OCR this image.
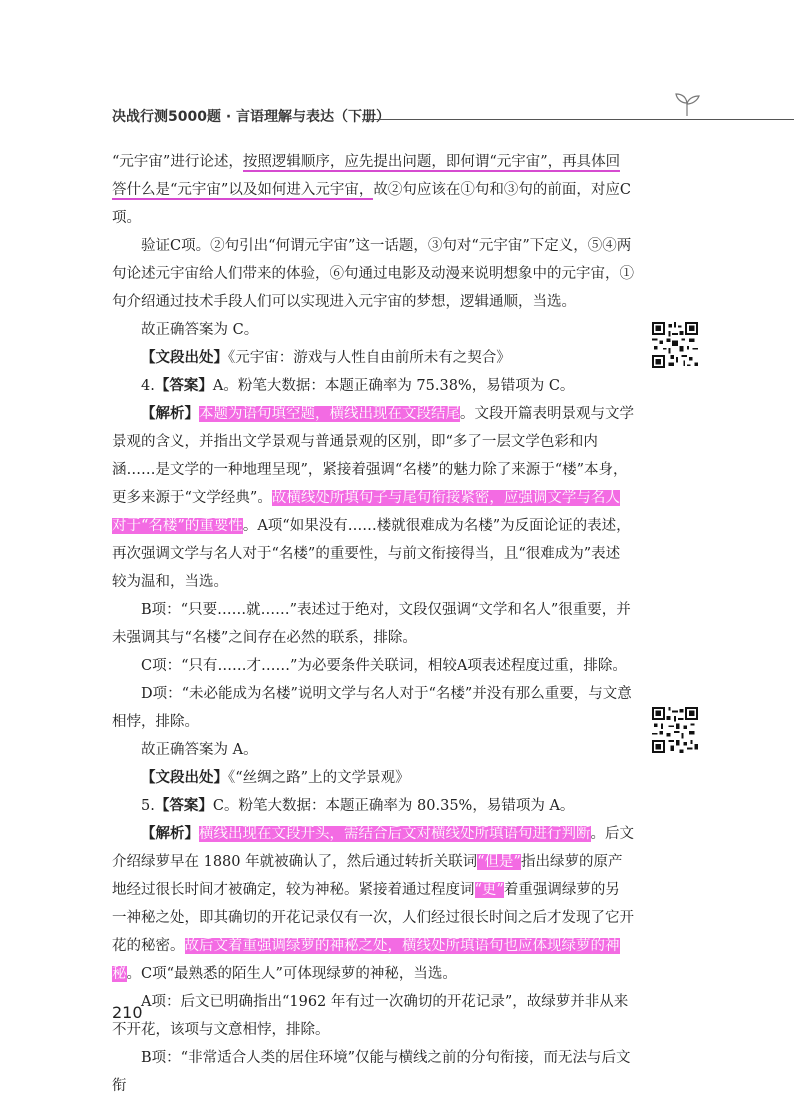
决战行测5000题 · 言语理解与表达（下册）

“元宇宙”进行论述，按照逻辑顺序，应先提出问题，即何谓“元宇宙”，再具体回答什么是“元宇宙”以及如何进入元宇宙，故②句应该在①句和③句的前面，对应C项。

验证C项。②句引出“何谓元宇宙”这一话题，③句对“元宇宙”下定义，⑤④两句论述元宇宙给人们带来的体验，⑥句通过电影及动漫来说明想象中的元宇宙，①句介绍通过技术手段人们可以实现进入元宇宙的梦想，逻辑通顺，当选。

故正确答案为 C。

【文段出处】《元宇宙：游戏与人性自由前所未有之契合》

4.【答案】A。粉笔大数据：本题正确率为 75.38%，易错项为 C。

【解析】本题为语句填空题，横线出现在文段结尾。文段开篇表明景观与文学景观的含义，并指出文学景观与普通景观的区别，即“多了一层文学色彩和内涵……是文学的一种地理呈现”，紧接着强调“名楼”的魅力除了来源于“楼”本身，更多来源于“文学经典”。故横线处所填句子与尾句衔接紧密，应强调文学与名人对于“名楼”的重要性。A项“如果没有……楼就很难成为名楼”为反面论证的表述，再次强调文学与名人对于“名楼”的重要性，与前文衔接得当，且“很难成为”表述较为温和，当选。

B项：“只要……就……”表述过于绝对，文段仅强调“文学和名人”很重要，并未强调其与“名楼”之间存在必然的联系，排除。

C项：“只有……才……”为必要条件关联词，相较A项表述程度过重，排除。

D项：“未必能成为名楼”说明文学与名人对于“名楼”并没有那么重要，与文意相悖，排除。

故正确答案为 A。

【文段出处】《“丝绸之路”上的文学景观》

5.【答案】C。粉笔大数据：本题正确率为 80.35%，易错项为 A。

【解析】横线出现在文段开头，需结合后文对横线处所填语句进行判断。后文介绍绿萝早在 1880 年就被确认了，然后通过转折关联词“但是”指出绿萝的原产地经过很长时间才被确定，较为神秘。紧接着通过程度词“更”着重强调绿萝的另一神秘之处，即其确切的开花记录仅有一次，人们经过很长时间之后才发现了它开花的秘密。故后文着重强调绿萝的神秘之处，横线处所填语句也应体现绿萝的神秘。C项“最熟悉的陌生人”可体现绿萝的神秘，当选。

A项：后文已明确指出“1962 年有过一次确切的开花记录”，故绿萝并非从来不开花，该项与文意相悖，排除。

B项：“非常适合人类的居住环境”仅能与横线之前的分句衔接，而无法与后文衔

210
